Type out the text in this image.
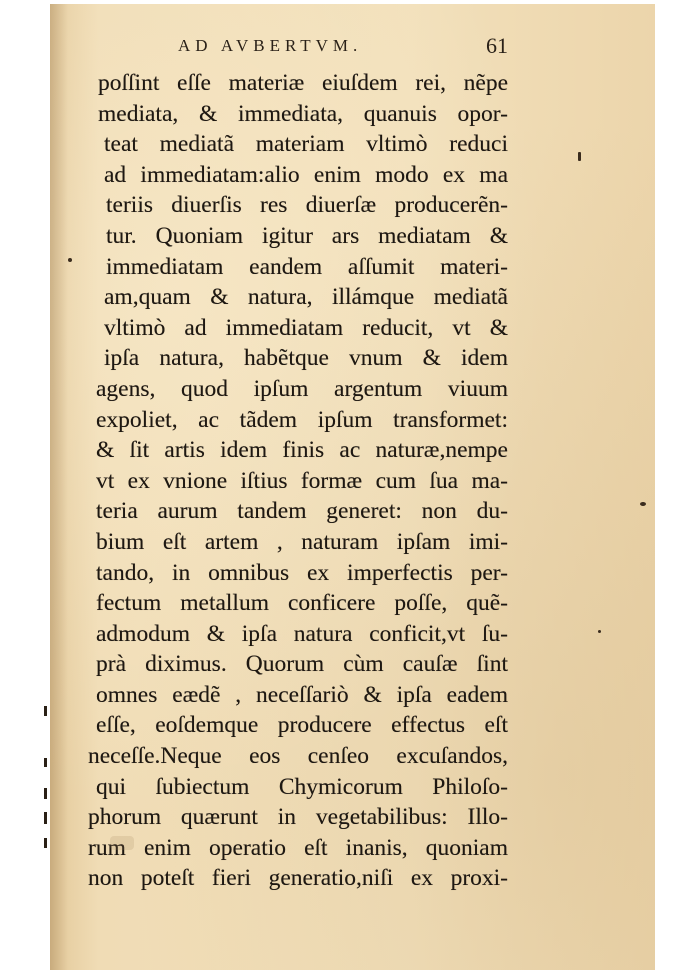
AD AVBERTVM.	61
poſſint eſſe materiæ eiuſdem rei, nẽpe
mediata, & immediata, quanuis opor-
teat mediatã materiam vltimò reduci
ad immediatam:alio enim modo ex ma
teriis diuerſis res diuerſæ producerẽn-
tur. Quoniam igitur ars mediatam &
immediatam eandem aſſumit materi-
am,quam & natura, illámque mediatã
vltimò ad immediatam reducit, vt &
ipſa natura, habẽtque vnum & idem
agens, quod ipſum argentum viuum
expoliet, ac tãdem ipſum transformet:
& ſit artis idem finis ac naturæ,nempe
vt ex vnione iſtius formæ cum ſua ma-
teria aurum tandem generet: non du-
bium eſt artem , naturam ipſam imi-
tando, in omnibus ex imperfectis per-
fectum metallum conficere poſſe, quẽ-
admodum & ipſa natura conficit,vt ſu-
prà diximus. Quorum cùm cauſæ ſint
omnes eædẽ , neceſſariò & ipſa eadem
eſſe, eoſdemque producere effectus eſt
neceſſe.Neque eos cenſeo excuſandos,
qui ſubiectum Chymicorum Philoſo-
phorum quærunt in vegetabilibus: Illo-
rum enim operatio eſt inanis, quoniam
non poteſt fieri generatio,niſi ex proxi-
